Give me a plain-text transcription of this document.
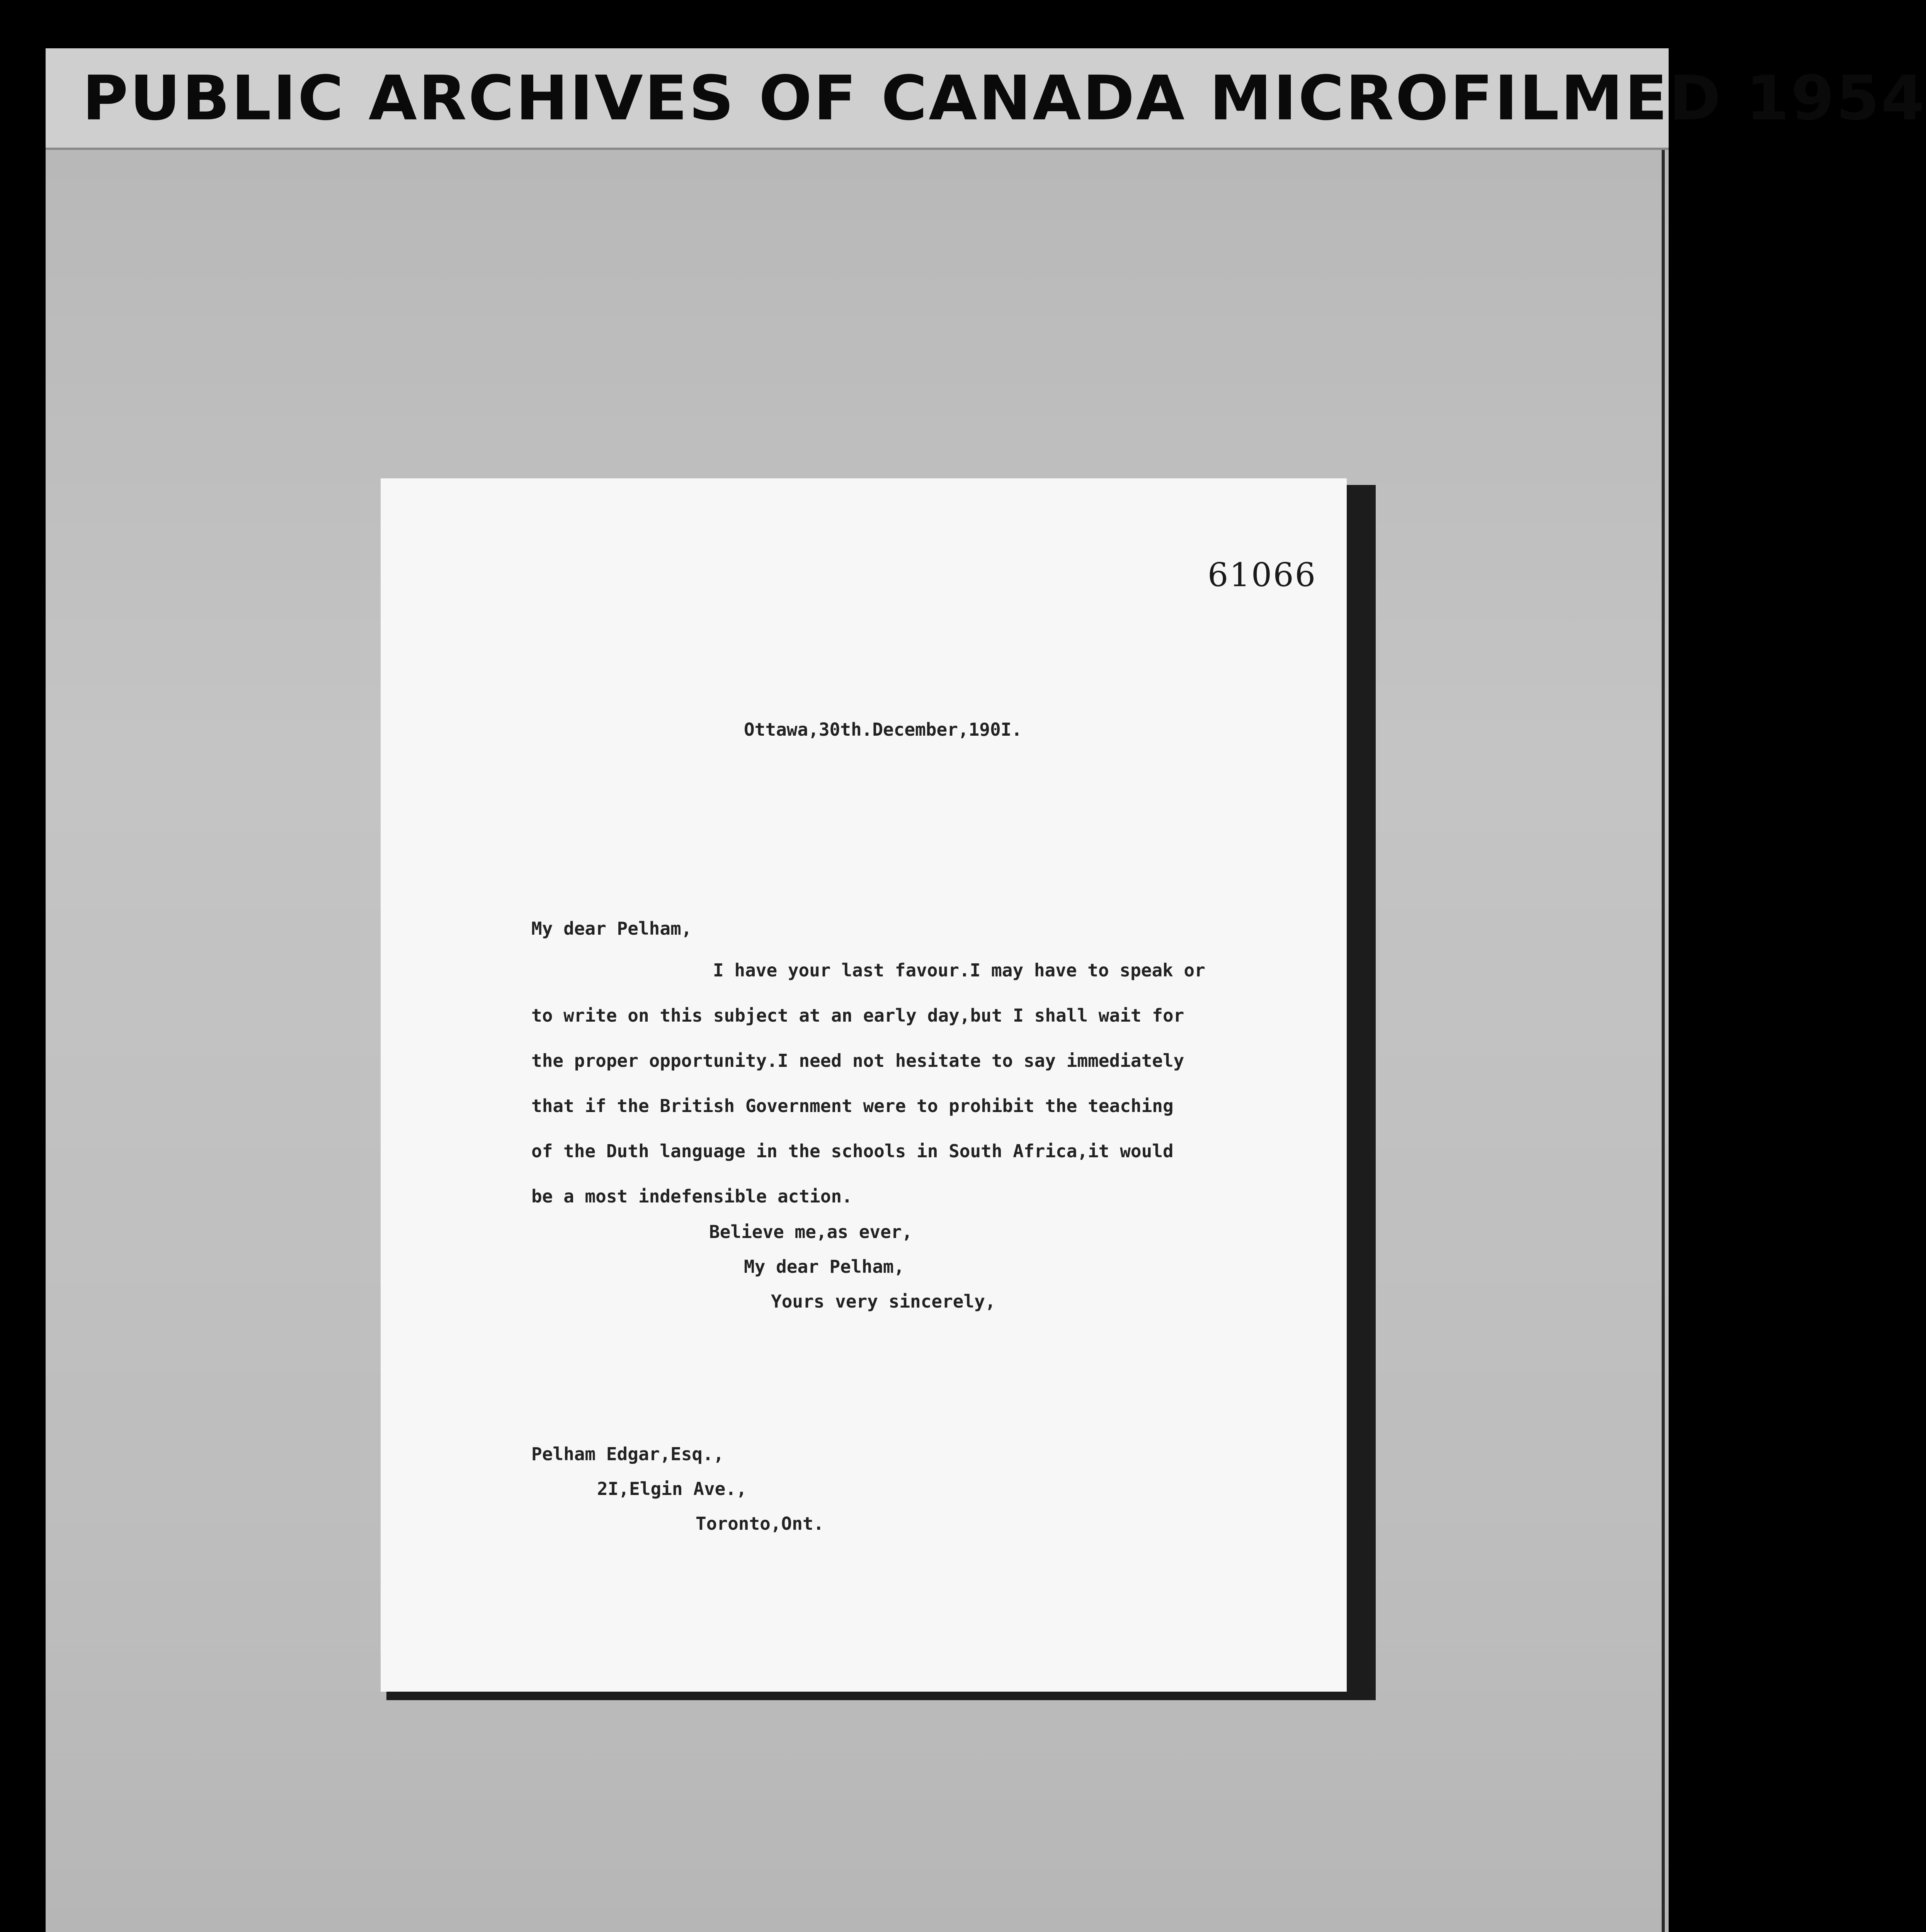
PUBLIC ARCHIVES OF CANADA MICROFILMED 1954
61066
Ottawa,30th.December,190I.
My dear Pelham,
I have your last favour.I may have to speak or
to write on this subject at an early day,but I shall wait for
the proper opportunity.I need not hesitate to say immediately
that if the British Government were to prohibit the teaching
of the Duth language in the schools in South Africa,it would
be a most indefensible action.
Believe me,as ever,
My dear Pelham,
Yours very sincerely,
Pelham Edgar,Esq.,
2I,Elgin Ave.,
Toronto,Ont.
